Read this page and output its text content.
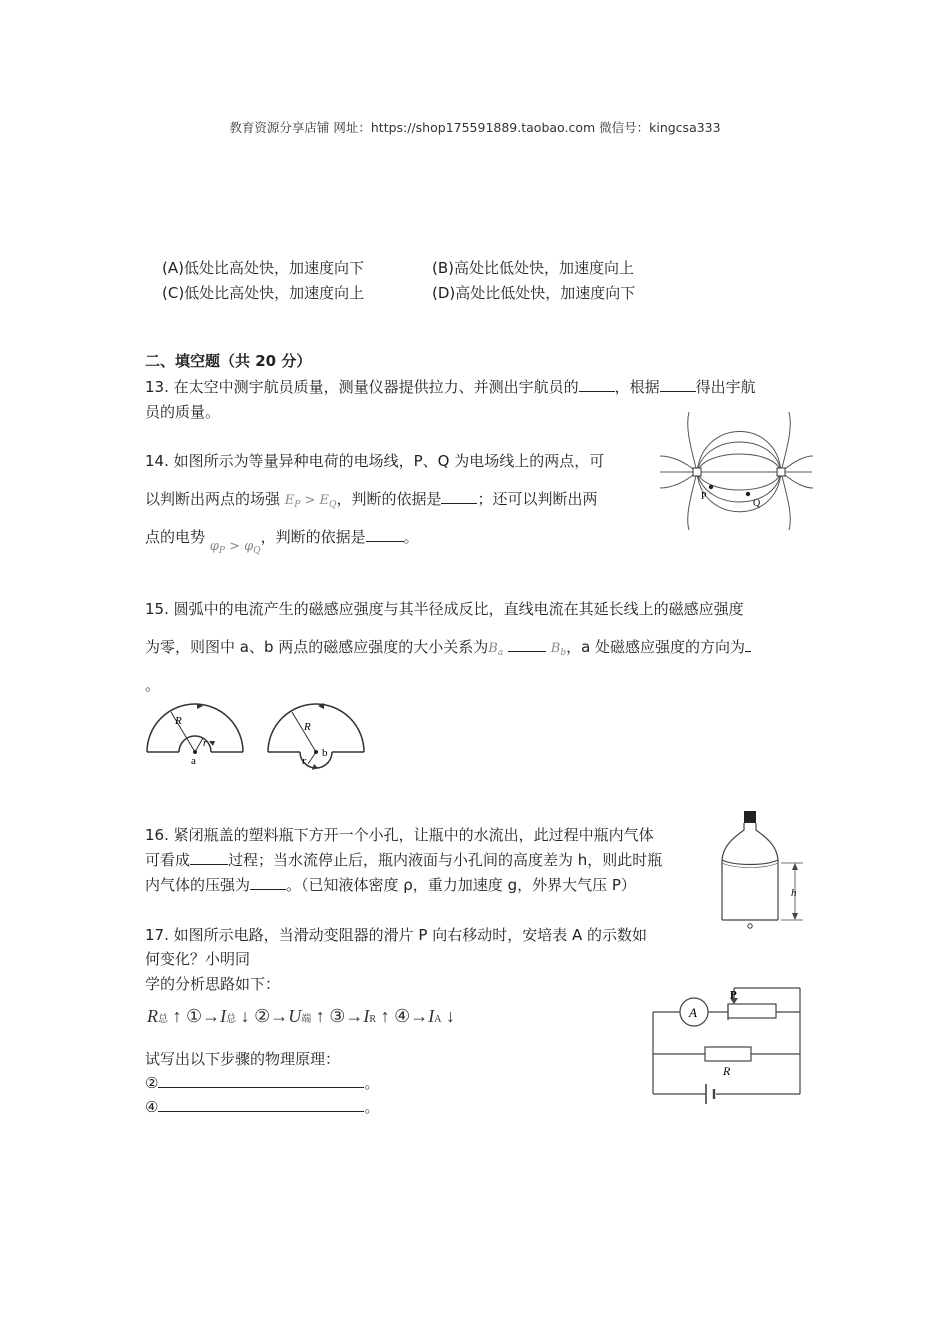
教育资源分享店铺 网址：https://shop175591889.taobao.com 微信号：kingcsa333
(A)低处比高处快，加速度向下	(B)高处比低处快，加速度向上
(C)低处比高处快，加速度向上	(D)高处比低处快，加速度向下
二、填空题（共 20 分）
13. 在太空中测宇航员质量，测量仪器提供拉力、并测出宇航员的 ，根据 得出宇航
员的质量。
14. 如图所示为等量异种电荷的电场线，P、Q 为电场线上的两点，可
以判断出两点的场强 $E_P > E_Q$，判断的依据是 ；还可以判断出两
点的电势 $\varphi_P > \varphi_Q$，判断的依据是	。
P
Q
15. 圆弧中的电流产生的磁感应强度与其半径成反比，直线电流在其延长线上的磁感应强度
为零，则图中 a、b 两点的磁感应强度的大小关系为$B_a$	$B_b$，a 处磁感应强度的方向为
。
R
r
a
R
r
b
16. 紧闭瓶盖的塑料瓶下方开一个小孔，让瓶中的水流出，此过程中瓶内气体
可看成	过程；当水流停止后，瓶内液面与小孔间的高度差为 h，则此时瓶
内气体的压强为 。（已知液体密度 ρ，重力加速度 g，外界大气压 P）	h
17. 如图所示电路，当滑动变阻器的滑片 P 向右移动时，安培表 A 的示数如
何变化？小明同
学的分析思路如下：
R总 ↑ ①→I总 ↓ ②→U端 ↑ ③→IR ↑ ④→IA ↓
试写出以下步骤的物理原理：
②	。
④	。
A
P
R
